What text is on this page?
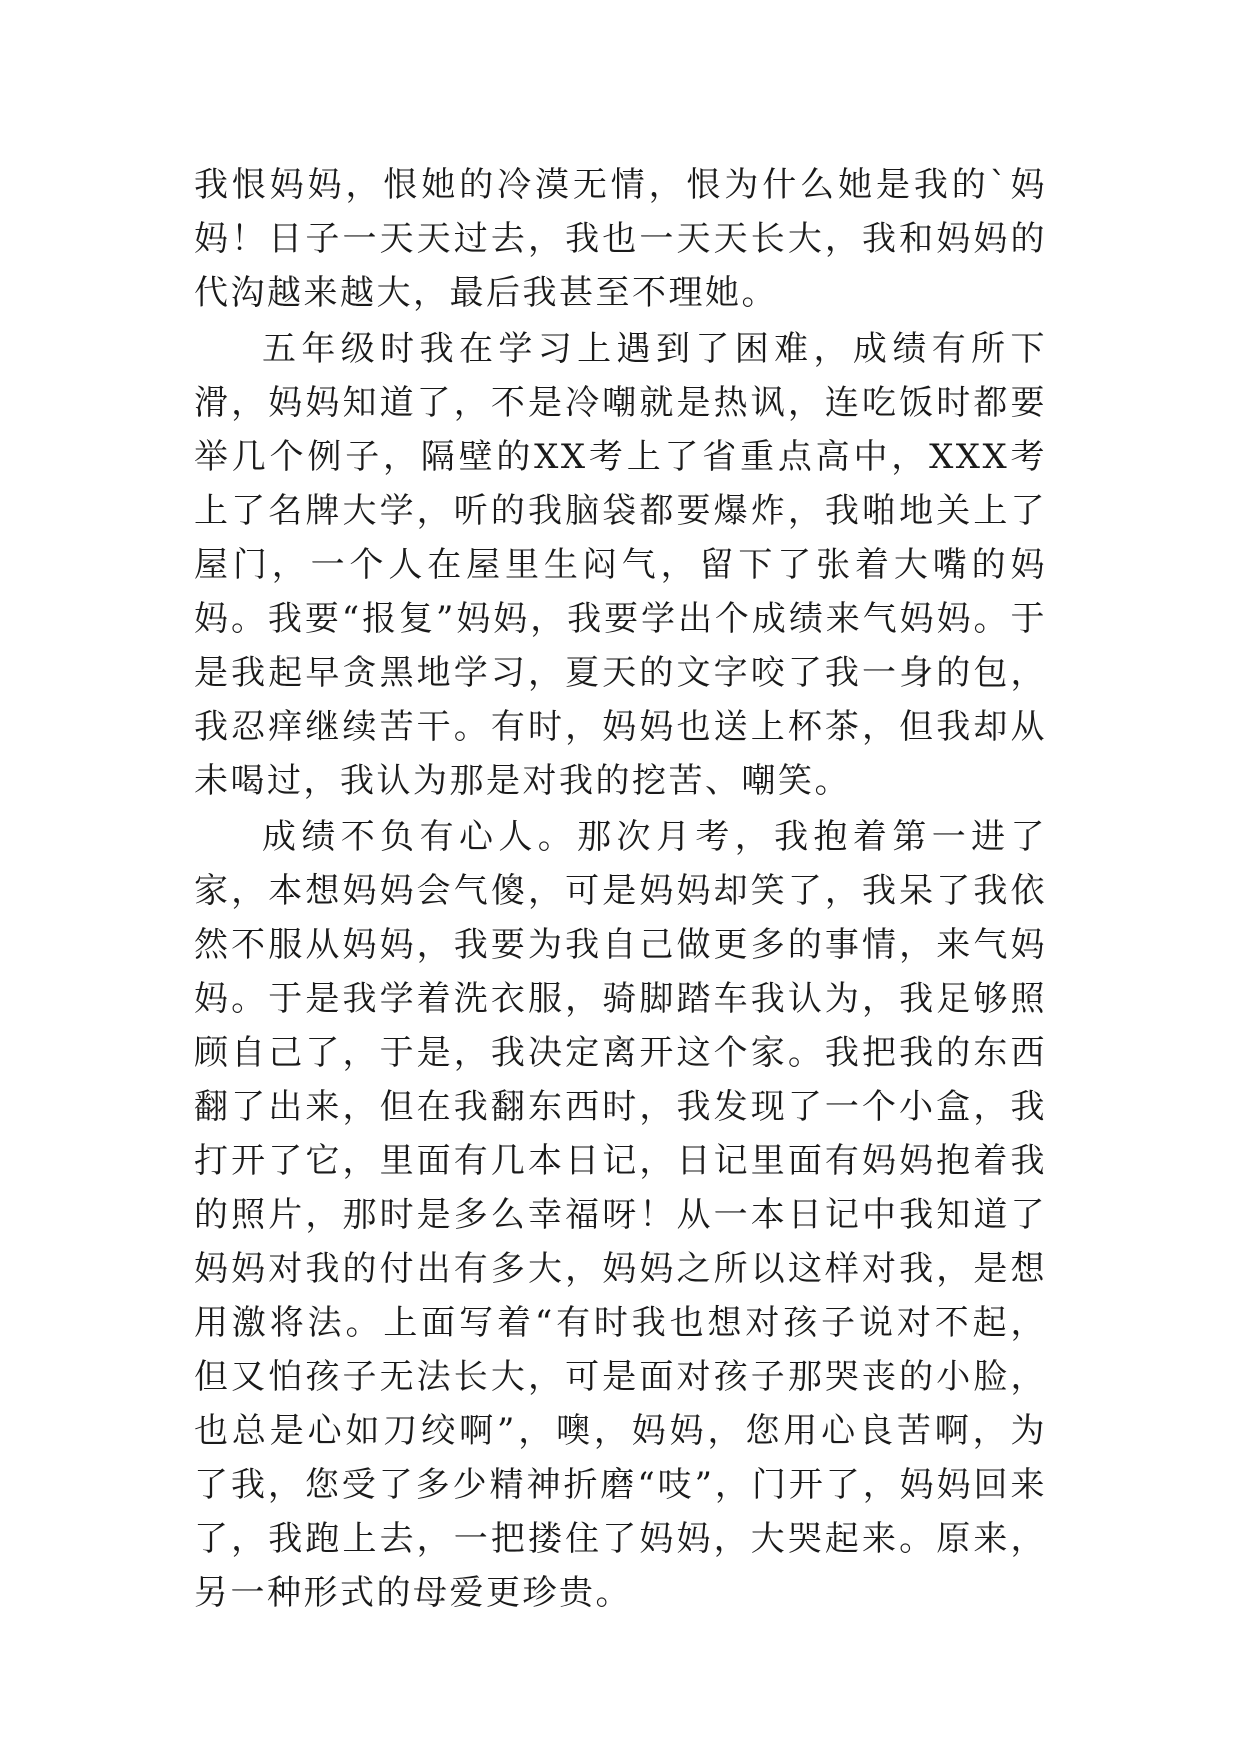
我恨妈妈，恨她的冷漠无情，恨为什么她是我的`妈妈！日子一天天过去，我也一天天长大，我和妈妈的代沟越来越大，最后我甚至不理她。

五年级时我在学习上遇到了困难，成绩有所下滑，妈妈知道了，不是冷嘲就是热讽，连吃饭时都要举几个例子，隔壁的XX考上了省重点高中，XXX考上了名牌大学，听的我脑袋都要爆炸，我啪地关上了屋门，一个人在屋里生闷气，留下了张着大嘴的妈妈。我要“报复”妈妈，我要学出个成绩来气妈妈。于是我起早贪黑地学习，夏天的文字咬了我一身的包，我忍痒继续苦干。有时，妈妈也送上杯茶，但我却从未喝过，我认为那是对我的挖苦、嘲笑。

成绩不负有心人。那次月考，我抱着第一进了家，本想妈妈会气傻，可是妈妈却笑了，我呆了我依然不服从妈妈，我要为我自己做更多的事情，来气妈妈。于是我学着洗衣服，骑脚踏车我认为，我足够照顾自己了，于是，我决定离开这个家。我把我的东西翻了出来，但在我翻东西时，我发现了一个小盒，我打开了它，里面有几本日记，日记里面有妈妈抱着我的照片，那时是多么幸福呀！从一本日记中我知道了妈妈对我的付出有多大，妈妈之所以这样对我，是想用激将法。上面写着“有时我也想对孩子说对不起，但又怕孩子无法长大，可是面对孩子那哭丧的小脸，也总是心如刀绞啊”，噢，妈妈，您用心良苦啊，为了我，您受了多少精神折磨“吱”，门开了，妈妈回来了，我跑上去，一把搂住了妈妈，大哭起来。原来，另一种形式的母爱更珍贵。
